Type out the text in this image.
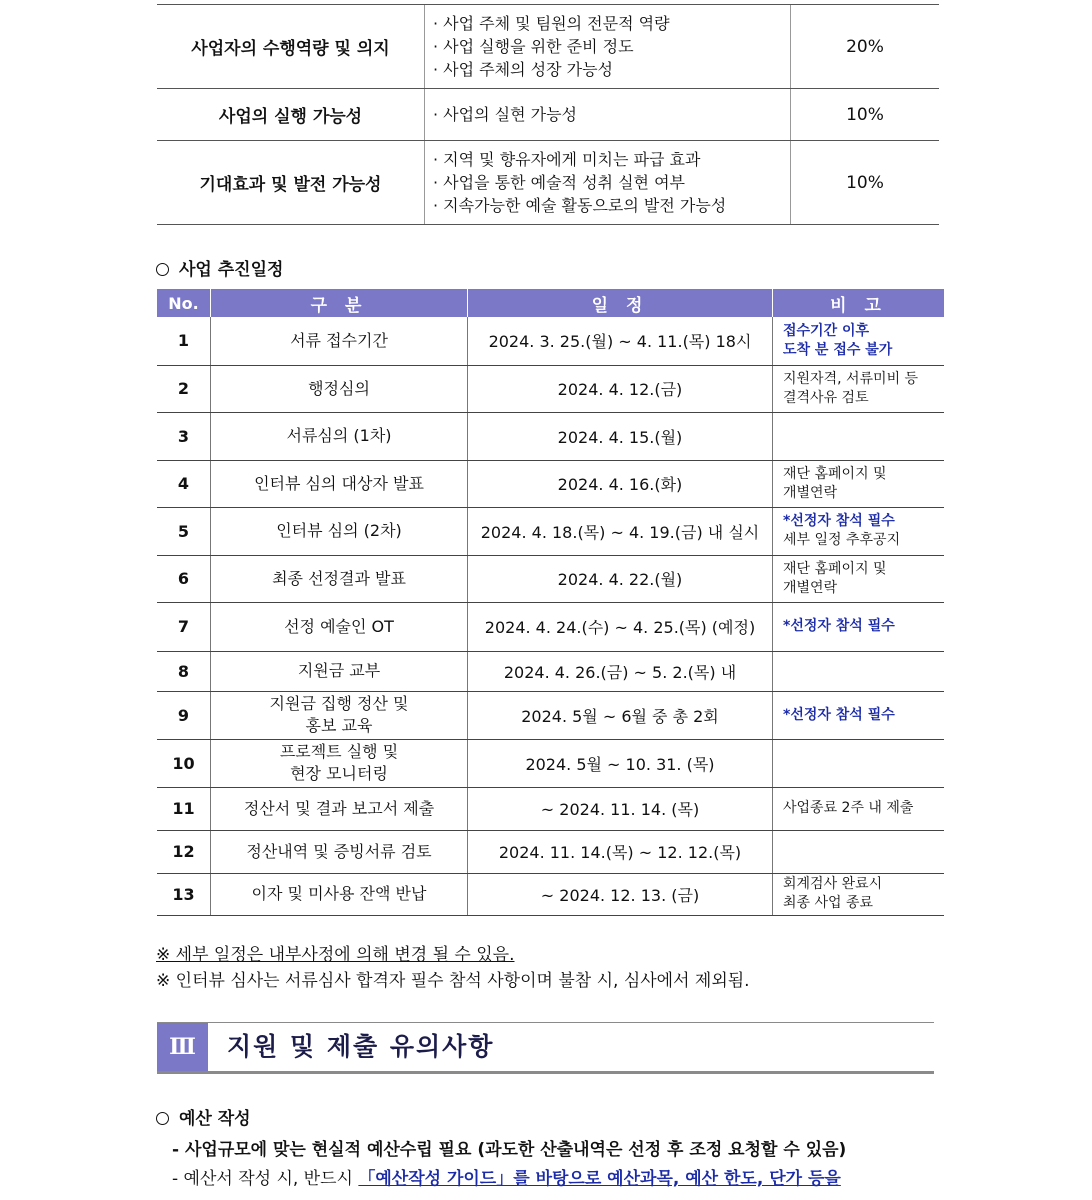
사업자의 수행역량 및 의지	· 사업 주체 및 팀원의 전문적 역량
· 사업 실행을 위한 준비 정도
· 사업 주체의 성장 가능성	20%
사업의 실행 가능성	· 사업의 실현 가능성	10%
기대효과 및 발전 가능성	· 지역 및 향유자에게 미치는 파급 효과
· 사업을 통한 예술적 성취 실현 여부
· 지속가능한 예술 활동으로의 발전 가능성	10%
사업 추진일정
No.	구 분	일 정	비 고
1	서류 접수기간	2024. 3. 25.(월) ~ 4. 11.(목) 18시	접수기간 이후
도착 분 접수 불가

2	행정심의	2024. 4. 12.(금)	지원자격, 서류미비 등
결격사유 검토

3	서류심의 (1차)	2024. 4. 15.(월)	
4	인터뷰 심의 대상자 발표	2024. 4. 16.(화)	재단 홈페이지 및
개별연락

5	인터뷰 심의 (2차)	2024. 4. 18.(목) ~ 4. 19.(금) 내 실시	*선정자 참석 필수
세부 일정 추후공지

6	최종 선정결과 발표	2024. 4. 22.(월)	재단 홈페이지 및
개별연락

7	선정 예술인 OT	2024. 4. 24.(수) ~ 4. 25.(목) (예정)	*선정자 참석 필수

8	지원금 교부	2024. 4. 26.(금) ~ 5. 2.(목) 내	
9	지원금 집행 정산 및
홍보 교육	2024. 5월 ~ 6월 중 총 2회	*선정자 참석 필수

10	프로젝트 실행 및
현장 모니터링	2024. 5월 ~ 10. 31. (목)	
11	정산서 및 결과 보고서 제출	~ 2024. 11. 14. (목)	사업종료 2주 내 제출

12	정산내역 및 증빙서류 검토	2024. 11. 14.(목) ~ 12. 12.(목)	
13	이자 및 미사용 잔액 반납	~ 2024. 12. 13. (금)	회계검사 완료시
최종 사업 종료
※ 세부 일정은 내부사정에 의해 변경 될 수 있음.
※ 인터뷰 심사는 서류심사 합격자 필수 참석 사항이며 불참 시, 심사에서 제외됨.
Ⅲ	지원 및 제출 유의사항
예산 작성
- 사업규모에 맞는 현실적 예산수립 필요 (과도한 산출내역은 선정 후 조정 요청할 수 있음)
- 예산서 작성 시, 반드시 「예산작성 가이드」를 바탕으로 예산과목, 예산 한도, 단가 등을
